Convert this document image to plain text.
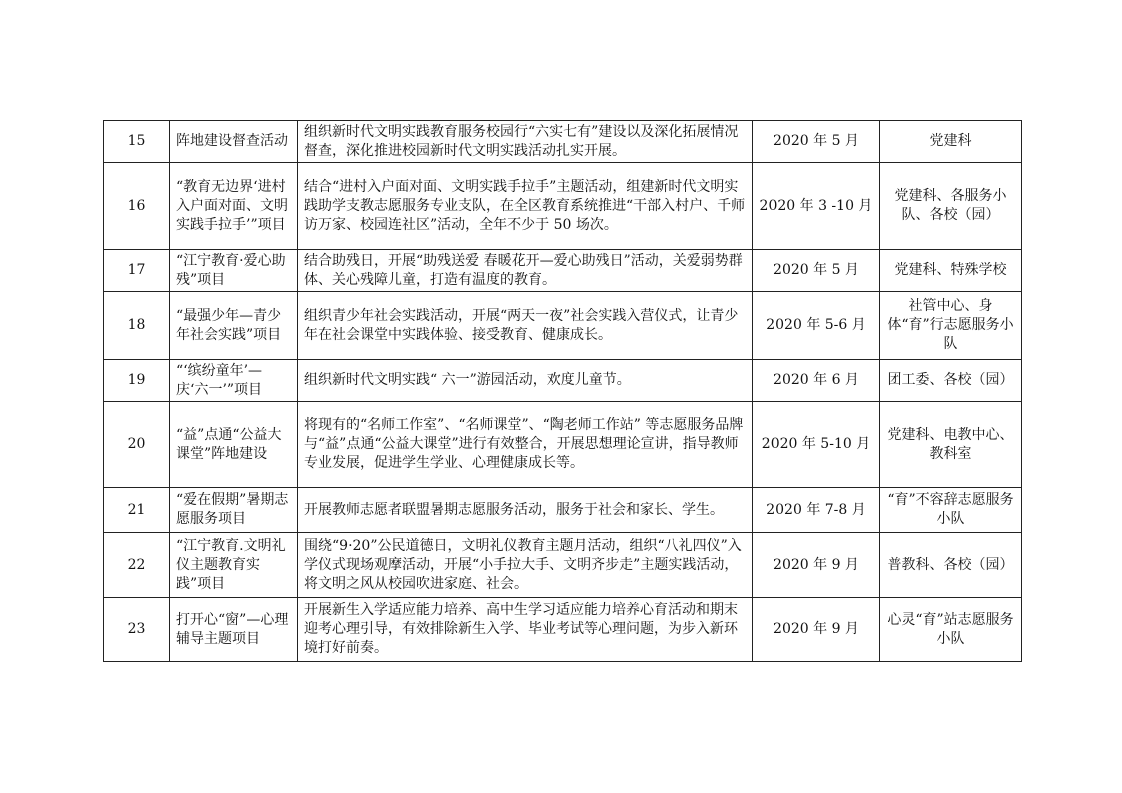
15	阵地建设督查活动	组织新时代文明实践教育服务校园行“六实七有”建设以及深化拓展情况督查，深化推进校园新时代文明实践活动扎实开展。	2020 年 5 月	党建科
16	“教育无边界‘进村入户面对面、文明实践手拉手’”项目	结合“进村入户面对面、文明实践手拉手”主题活动，组建新时代文明实践助学支教志愿服务专业支队，在全区教育系统推进“干部入村户、千师访万家、校园连社区”活动，全年不少于 50 场次。	2020 年 3 -10 月	党建科、各服务小队、各校（园）
17	“江宁教育·爱心助残”项目	结合助残日，开展“助残送爱 春暖花开—爱心助残日”活动，关爱弱势群体、关心残障儿童，打造有温度的教育。	2020 年 5 月	党建科、特殊学校
18	“最强少年—青少年社会实践”项目	组织青少年社会实践活动，开展“两天一夜”社会实践入营仪式，让青少年在社会课堂中实践体验、接受教育、健康成长。	2020 年 5-6 月	社管中心、身体“育”行志愿服务小队
19	“‘缤纷童年’—庆‘六一’”项目	组织新时代文明实践“ 六一”游园活动，欢度儿童节。	2020 年 6 月	团工委、各校（园）
20	“益”点通“公益大课堂”阵地建设	将现有的“名师工作室”、“名师课堂”、“陶老师工作站” 等志愿服务品牌与“益”点通“公益大课堂”进行有效整合，开展思想理论宣讲，指导教师专业发展，促进学生学业、心理健康成长等。	2020 年 5-10 月	党建科、电教中心、教科室
21	“爱在假期”暑期志愿服务项目	开展教师志愿者联盟暑期志愿服务活动，服务于社会和家长、学生。	2020 年 7-8 月	“育”不容辞志愿服务小队
22	“江宁教育.文明礼仪主题教育实践”项目	围绕“9·20”公民道德日，文明礼仪教育主题月活动，组织“八礼四仪”入学仪式现场观摩活动，开展“小手拉大手、文明齐步走”主题实践活动，将文明之风从校园吹进家庭、社会。	2020 年 9 月	普教科、各校（园）
23	打开心“窗”—心理辅导主题项目	开展新生入学适应能力培养、高中生学习适应能力培养心育活动和期末迎考心理引导，有效排除新生入学、毕业考试等心理问题，为步入新环境打好前奏。	2020 年 9 月	心灵“育”站志愿服务小队
